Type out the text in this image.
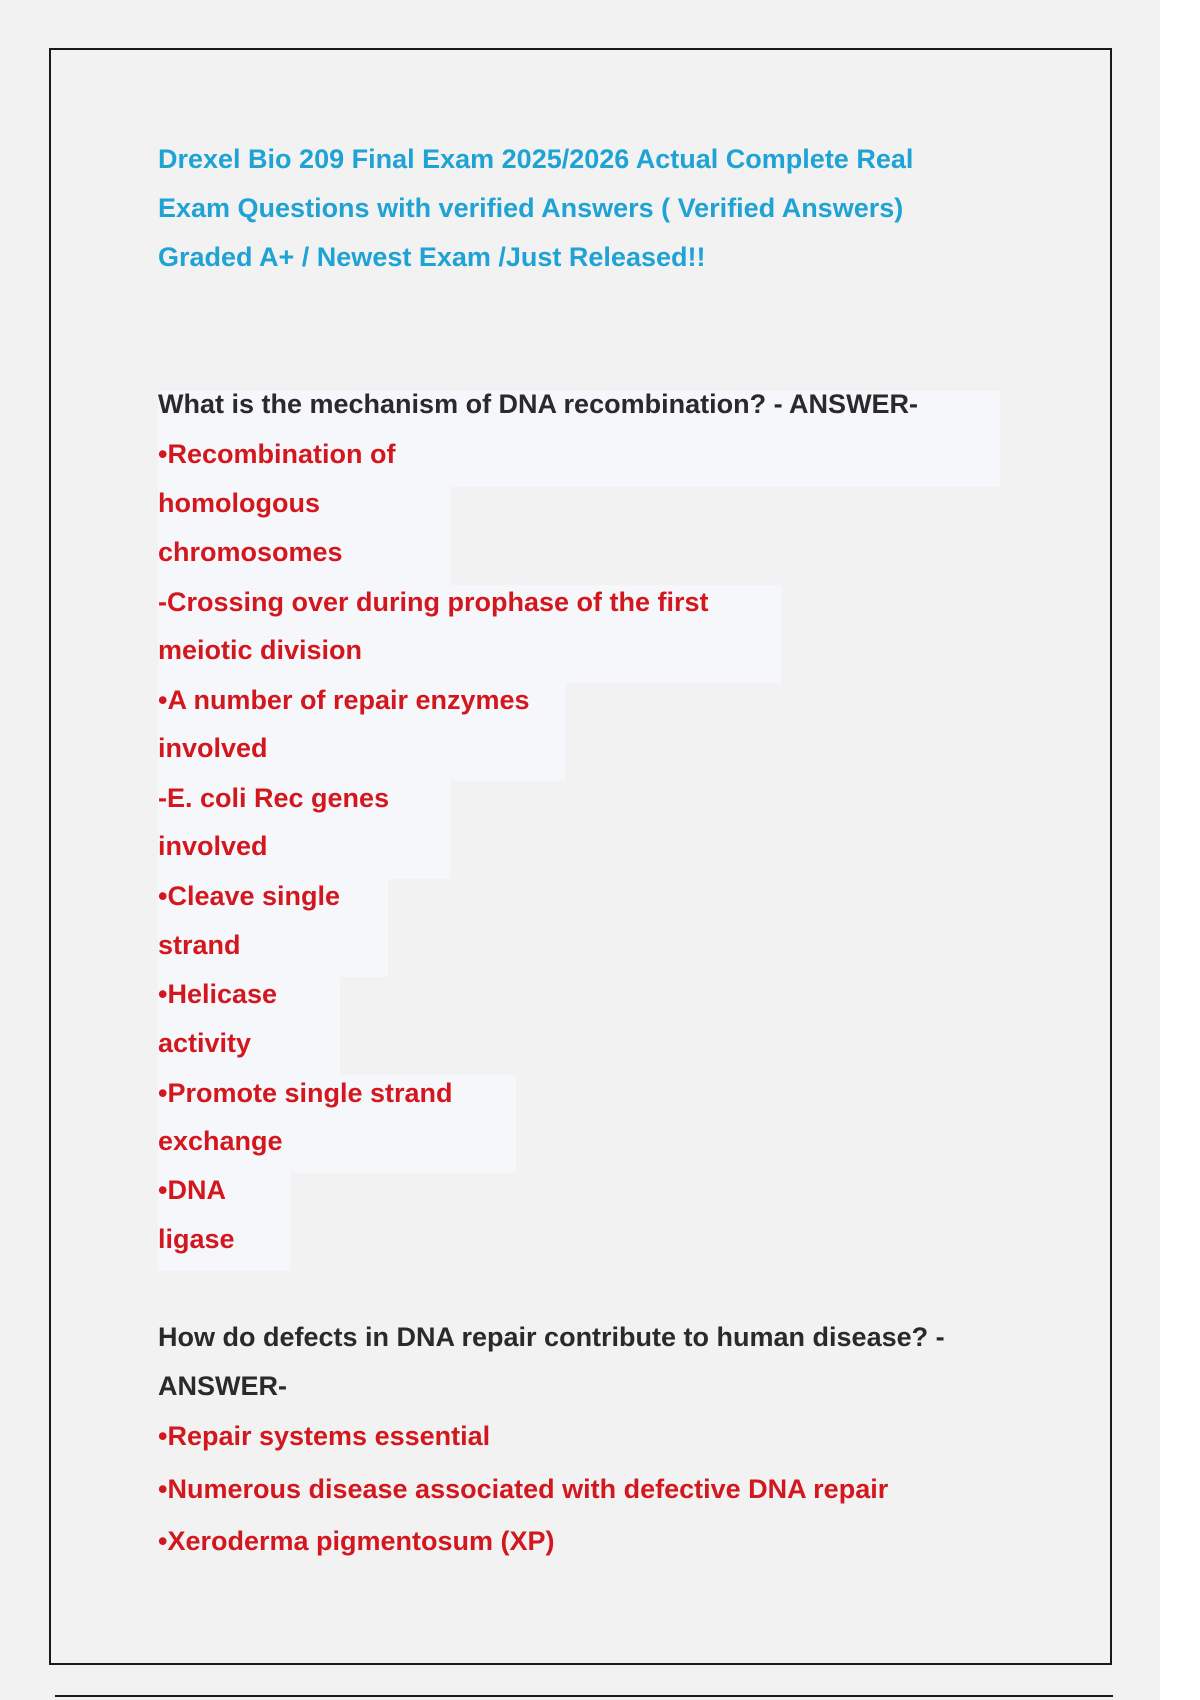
Drexel Bio 209 Final Exam 2025/2026 Actual Complete Real
Exam Questions with verified Answers ( Verified Answers)
Graded A+ / Newest Exam /Just Released!!
What is the mechanism of DNA recombination? - ANSWER-
•Recombination of
homologous
chromosomes
-Crossing over during prophase of the first
meiotic division
•A number of repair enzymes
involved
-E. coli Rec genes
involved
•Cleave single
strand
•Helicase
activity
•Promote single strand
exchange
•DNA
ligase
How do defects in DNA repair contribute to human disease? -
ANSWER-
•Repair systems essential
•Numerous disease associated with defective DNA repair
•Xeroderma pigmentosum (XP)
